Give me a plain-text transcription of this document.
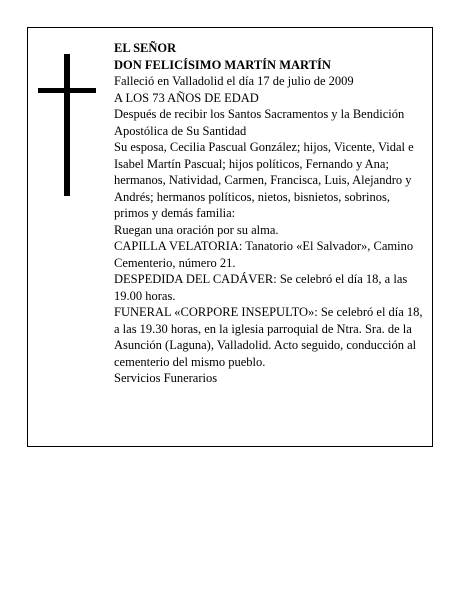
EL SEÑOR

DON FELICÍSIMO MARTÍN MARTÍN

Falleció en Valladolid el día 17 de julio de 2009

A LOS 73 AÑOS DE EDAD

Después de recibir los Santos Sacramentos y la Bendición Apostólica de Su Santidad

Su esposa, Cecilia Pascual González; hijos, Vicente, Vidal e Isabel Martín Pascual; hijos políticos, Fernando y Ana; hermanos, Natividad, Carmen, Francisca, Luis, Alejandro y Andrés; hermanos políticos, nietos, bisnietos, sobrinos, primos y demás familia:

Ruegan una oración por su alma.

CAPILLA VELATORIA: Tanatorio «El Salvador», Camino Cementerio, número 21.

DESPEDIDA DEL CADÁVER: Se celebró el día 18, a las 19.00 horas.

FUNERAL «CORPORE INSEPULTO»: Se celebró el día 18, a las 19.30 horas, en la iglesia parroquial de Ntra. Sra. de la Asunción (Laguna), Valladolid. Acto seguido, conducción al cementerio del mismo pueblo.

Servicios Funerarios
